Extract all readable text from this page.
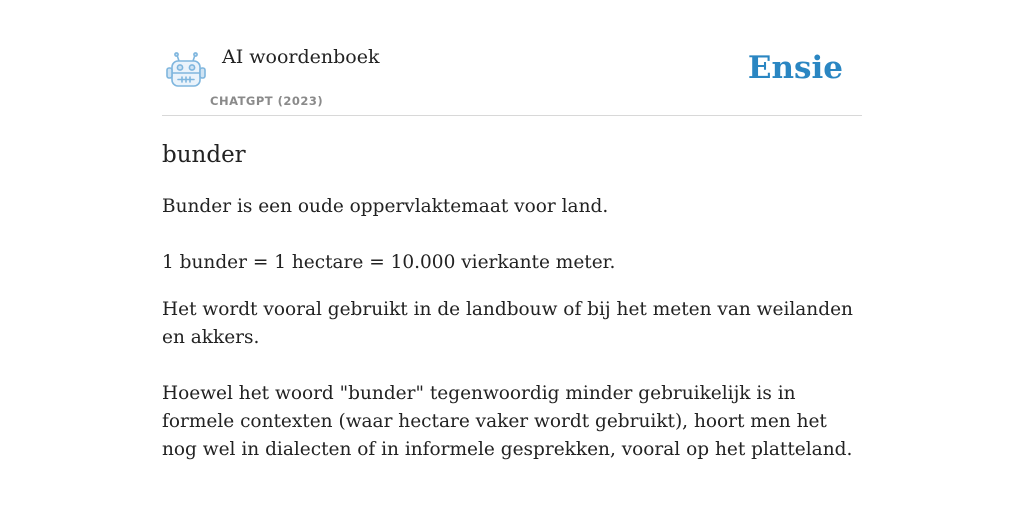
AI woordenboek
CHATGPT (2023)
Ensie
bunder

Bunder is een oude oppervlaktemaat voor land.

1 bunder = 1 hectare = 10.000 vierkante meter.

Het wordt vooral gebruikt in de landbouw of bij het meten van weilanden en akkers.

Hoewel het woord "bunder" tegenwoordig minder gebruikelijk is in formele contexten (waar hectare vaker wordt gebruikt), hoort men het nog wel in dialecten of in informele gesprekken, vooral op het platteland.
